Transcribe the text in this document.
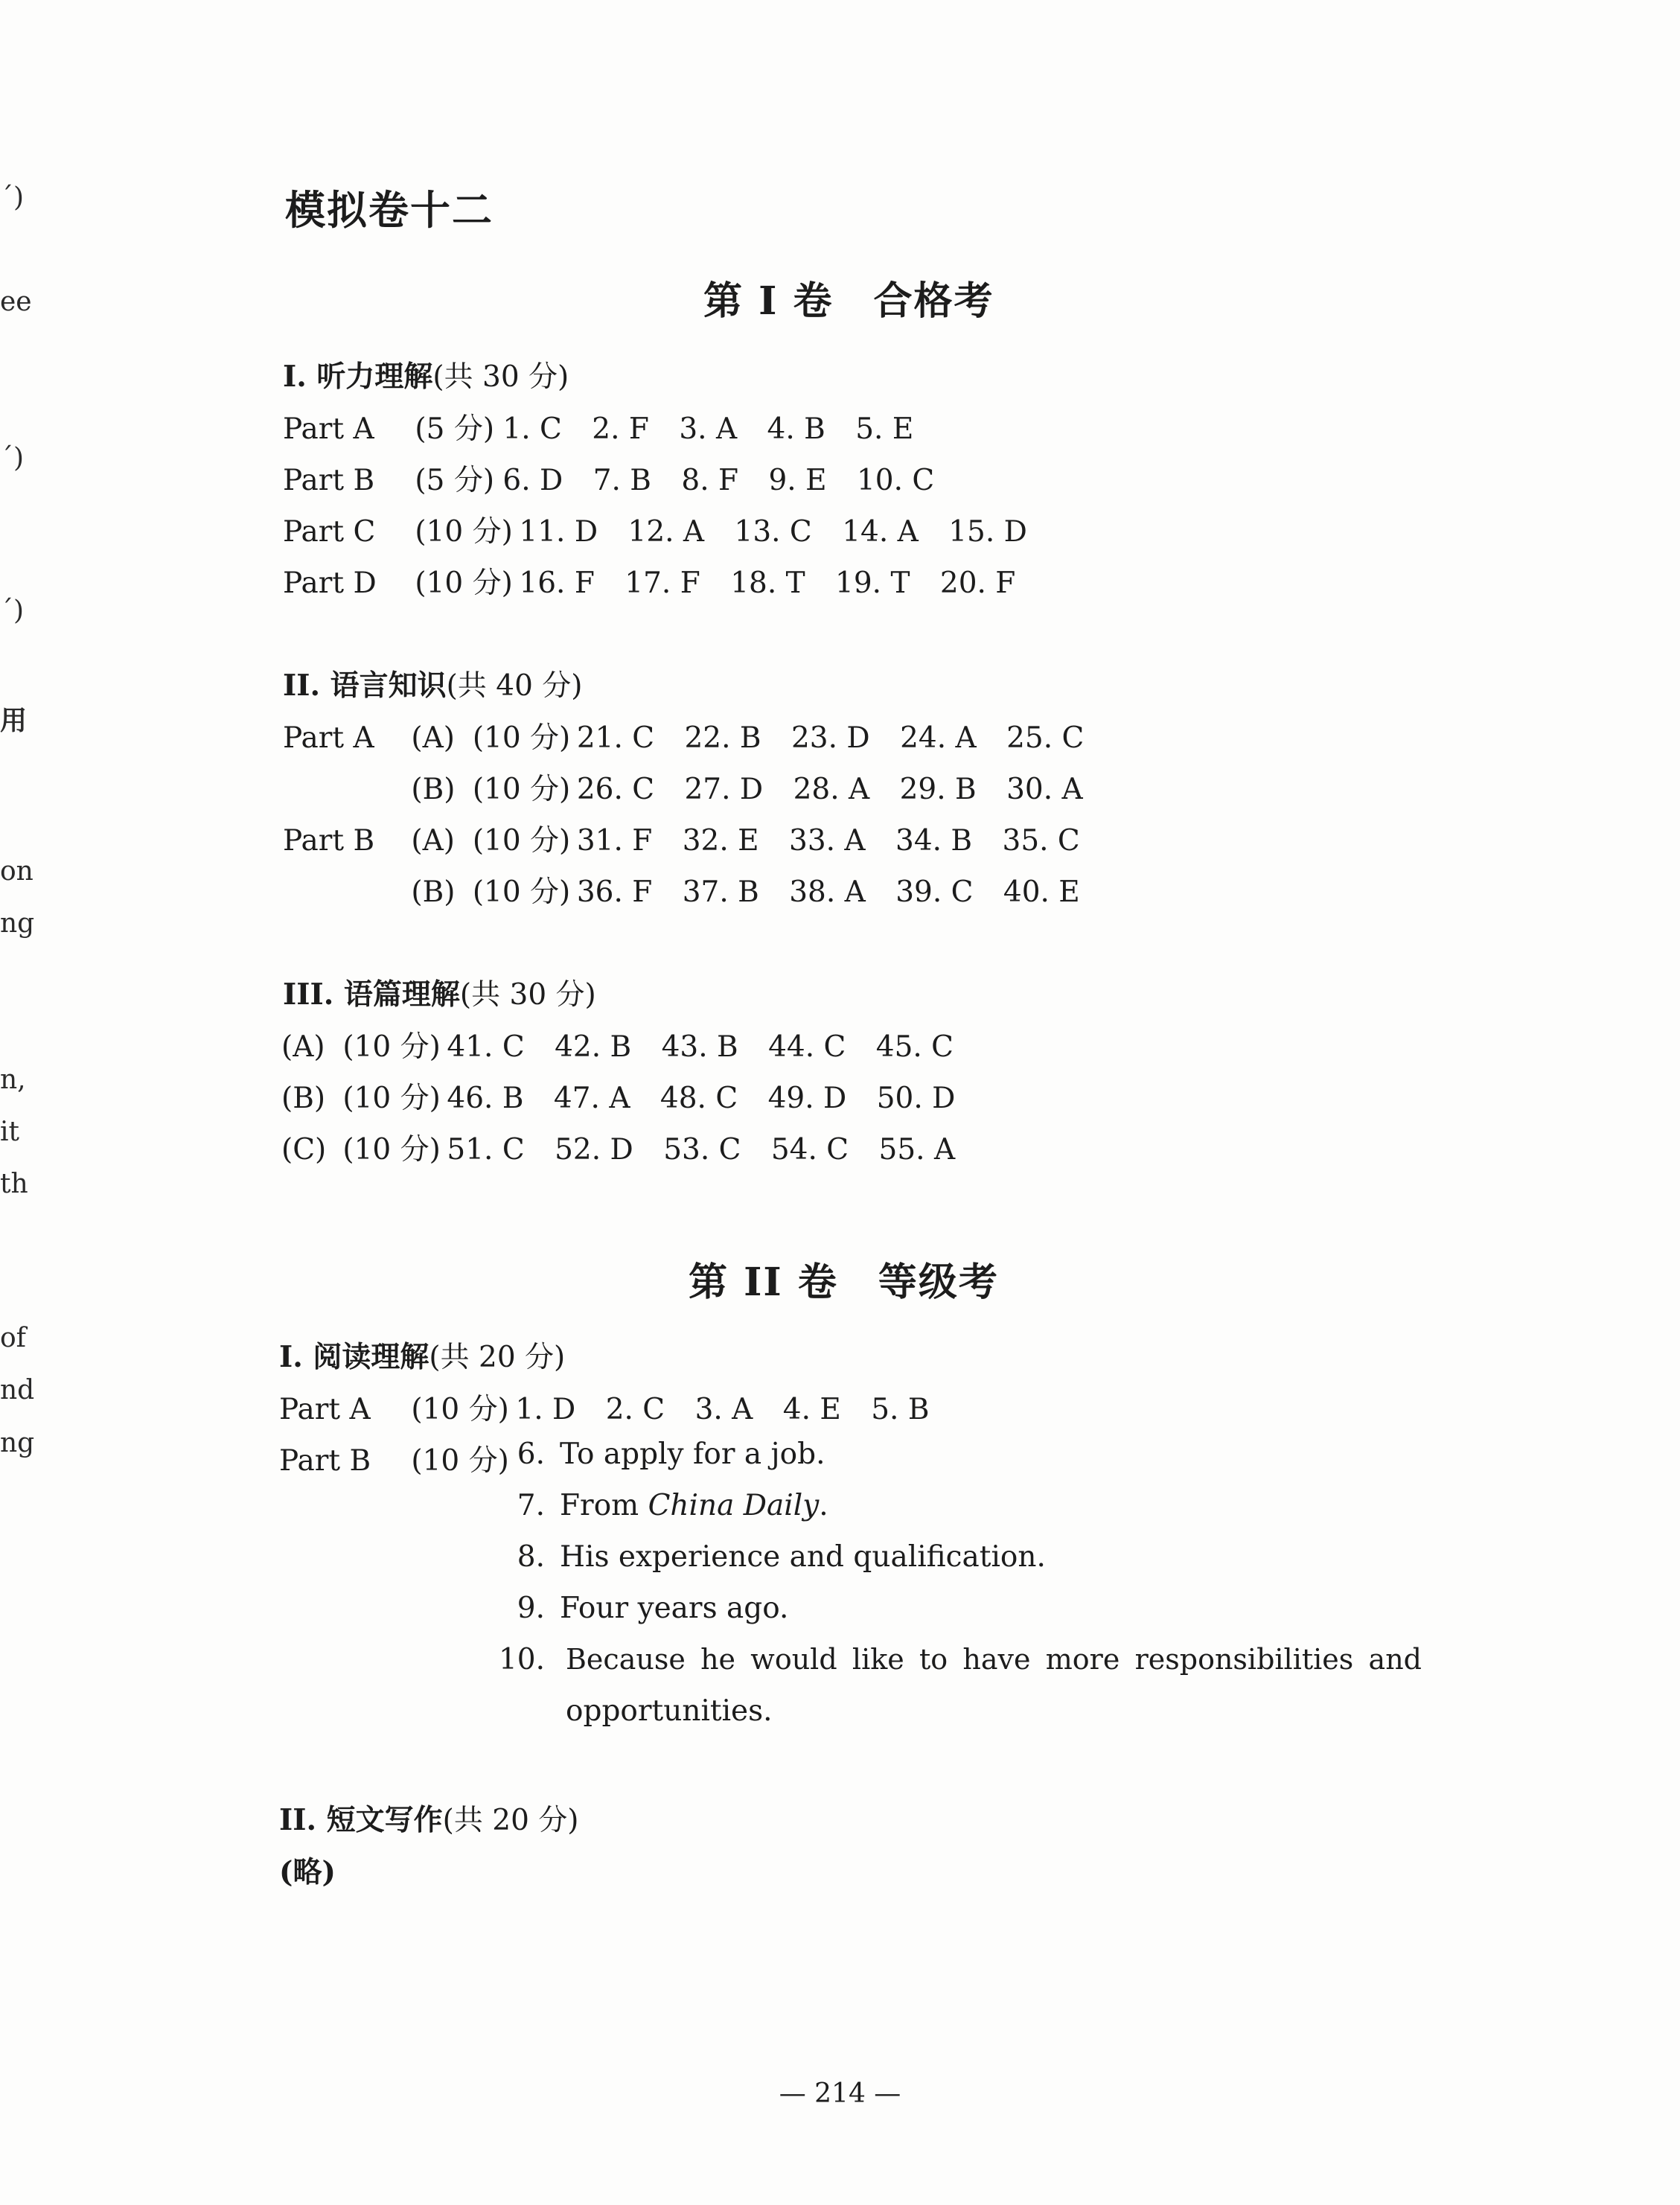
ˊ)
ee
ˊ)
ˊ)
用
on
ng
n,
it
th
of
nd
ng
模拟卷十二
第 I 卷　合格考
I. 听力理解(共 30 分)
Part A (5 分) 1. C 2. F 3. A 4. B 5. E
Part B (5 分) 6. D 7. B 8. F 9. E 10. C
Part C (10 分) 11. D 12. A 13. C 14. A 15. D
Part D (10 分) 16. F 17. F 18. T 19. T 20. F
II. 语言知识(共 40 分)
Part A (A) (10 分) 21. C 22. B 23. D 24. A 25. C
(B) (10 分) 26. C 27. D 28. A 29. B 30. A
Part B (A) (10 分) 31. F 32. E 33. A 34. B 35. C
(B) (10 分) 36. F 37. B 38. A 39. C 40. E
III. 语篇理解(共 30 分)
(A) (10 分) 41. C 42. B 43. B 44. C 45. C
(B) (10 分) 46. B 47. A 48. C 49. D 50. D
(C) (10 分) 51. C 52. D 53. C 54. C 55. A
第 II 卷　等级考
I. 阅读理解(共 20 分)
Part A (10 分) 1. D 2. C 3. A 4. E 5. B
Part B (10 分) 6. To apply for a job.
7. From China Daily.
8. His experience and qualification.
9. Four years ago.
10. Because he would like to have more responsibilities and
opportunities.
II. 短文写作(共 20 分)
(略)
— 214 —
